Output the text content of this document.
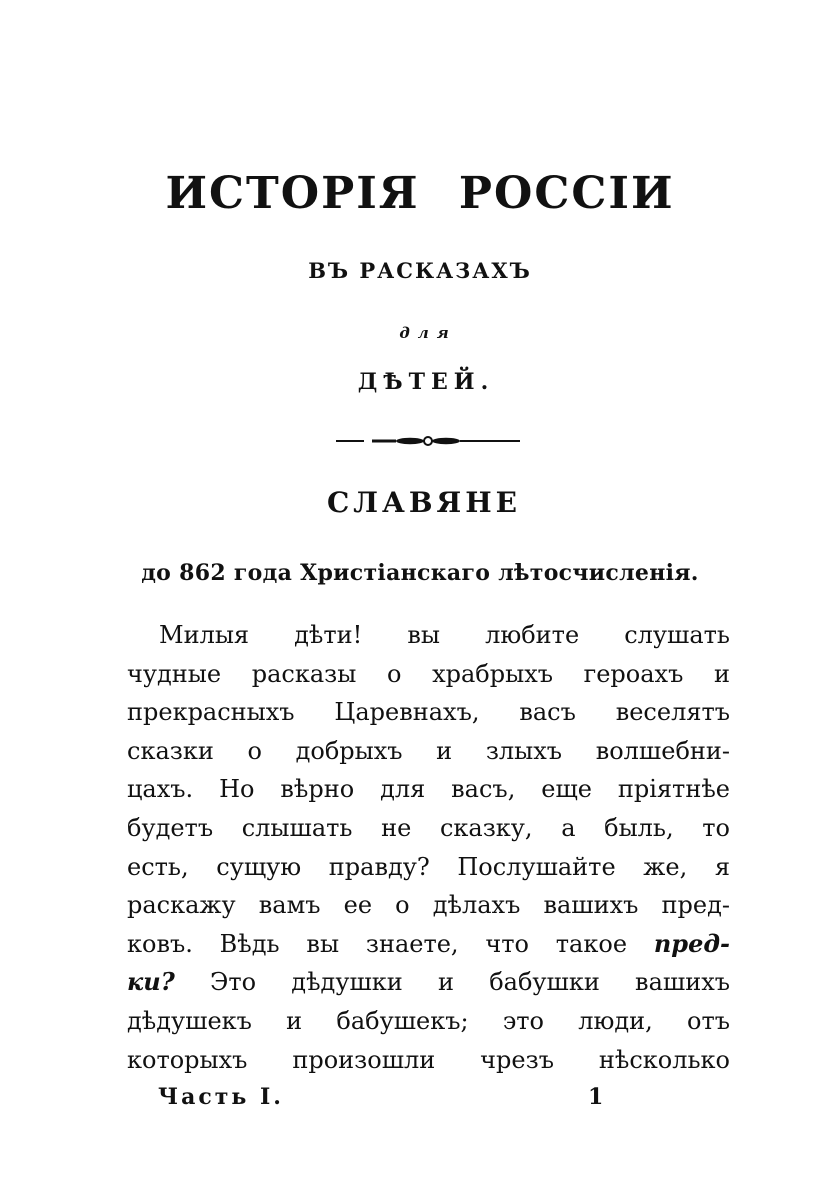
ИСТОРІЯ РОССІИ
ВЪ РАСКАЗАХЪ
для
ДѢТЕЙ.
СЛАВЯНЕ
до 862 года Христіанскаго лѣтосчисленія.
Милыя дѣти! вы любите слушать
чудные расказы о храбрыхъ героахъ и
прекрасныхъ Царевнахъ, васъ веселятъ
сказки о добрыхъ и злыхъ волшебни-
цахъ. Но вѣрно для васъ, еще пріятнѣе
будетъ слышать не сказку, а быль, то
есть, сущую правду? Послушайте же, я
раскажу вамъ ее о дѣлахъ вашихъ пред-
ковъ. Вѣдь вы знаете, что такое пред-
ки? Это дѣдушки и бабушки вашихъ
дѣдушекъ и бабушекъ; это люди, отъ
которыхъ произошли чрезъ нѣсколько
Часть I.	1
